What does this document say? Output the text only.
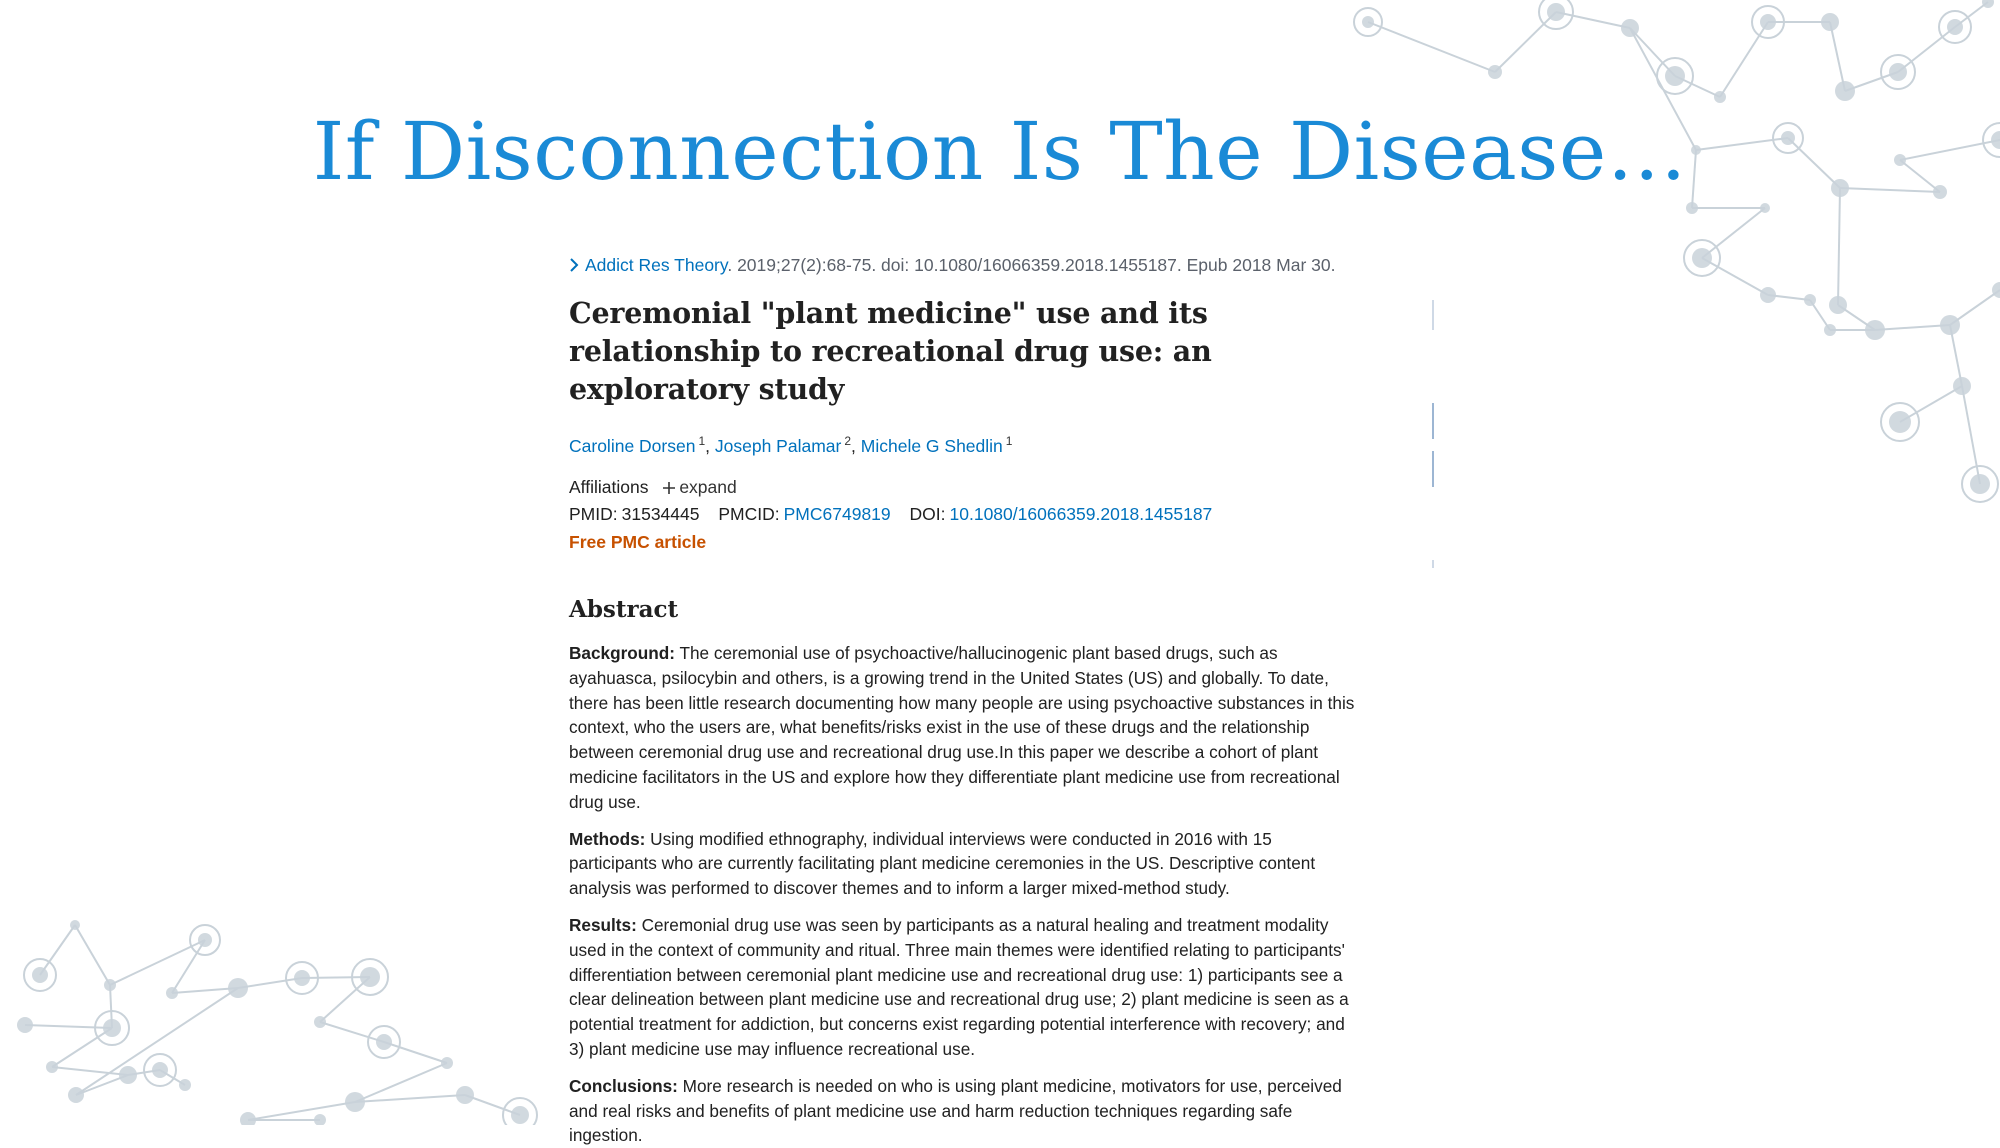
If Disconnection Is The Disease…
Addict Res Theory. 2019;27(2):68-75. doi: 10.1080/16066359.2018.1455187. Epub 2018 Mar 30.
Ceremonial "plant medicine" use and its relationship to recreational drug use: an exploratory study
Caroline Dorsen $^1$, Joseph Palamar $^2$, Michele G Shedlin $^1$
Affiliations expand
PMID: 31534445 PMCID: PMC6749819 DOI: 10.1080/16066359.2018.1455187
Free PMC article
Abstract
Background: The ceremonial use of psychoactive/hallucinogenic plant based drugs, such as ayahuasca, psilocybin and others, is a growing trend in the United States (US) and globally. To date, there has been little research documenting how many people are using psychoactive substances in this context, who the users are, what benefits/risks exist in the use of these drugs and the relationship between ceremonial drug use and recreational drug use.In this paper we describe a cohort of plant medicine facilitators in the US and explore how they differentiate plant medicine use from recreational drug use.
Methods: Using modified ethnography, individual interviews were conducted in 2016 with 15 participants who are currently facilitating plant medicine ceremonies in the US. Descriptive content analysis was performed to discover themes and to inform a larger mixed-method study.
Results: Ceremonial drug use was seen by participants as a natural healing and treatment modality used in the context of community and ritual. Three main themes were identified relating to participants' differentiation between ceremonial plant medicine use and recreational drug use: 1) participants see a clear delineation between plant medicine use and recreational drug use; 2) plant medicine is seen as a potential treatment for addiction, but concerns exist regarding potential interference with recovery; and 3) plant medicine use may influence recreational use.
Conclusions: More research is needed on who is using plant medicine, motivators for use, perceived and real risks and benefits of plant medicine use and harm reduction techniques regarding safe ingestion.
